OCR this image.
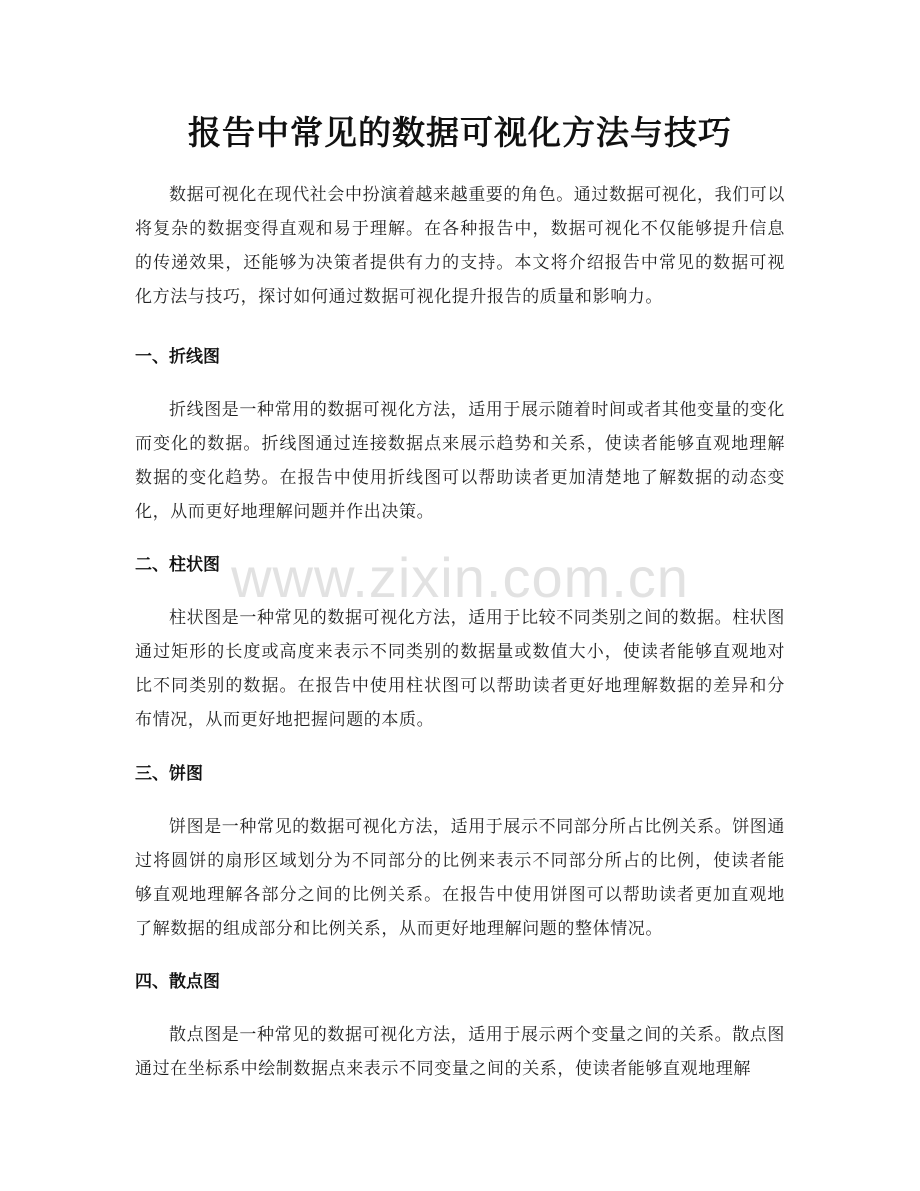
报告中常见的数据可视化方法与技巧

数据可视化在现代社会中扮演着越来越重要的角色。通过数据可视化，我们可以将复杂的数据变得直观和易于理解。在各种报告中，数据可视化不仅能够提升信息的传递效果，还能够为决策者提供有力的支持。本文将介绍报告中常见的数据可视化方法与技巧，探讨如何通过数据可视化提升报告的质量和影响力。

一、折线图

折线图是一种常用的数据可视化方法，适用于展示随着时间或者其他变量的变化而变化的数据。折线图通过连接数据点来展示趋势和关系，使读者能够直观地理解数据的变化趋势。在报告中使用折线图可以帮助读者更加清楚地了解数据的动态变化，从而更好地理解问题并作出决策。

二、柱状图

柱状图是一种常见的数据可视化方法，适用于比较不同类别之间的数据。柱状图通过矩形的长度或高度来表示不同类别的数据量或数值大小，使读者能够直观地对比不同类别的数据。在报告中使用柱状图可以帮助读者更好地理解数据的差异和分布情况，从而更好地把握问题的本质。

三、饼图

饼图是一种常见的数据可视化方法，适用于展示不同部分所占比例关系。饼图通过将圆饼的扇形区域划分为不同部分的比例来表示不同部分所占的比例，使读者能够直观地理解各部分之间的比例关系。在报告中使用饼图可以帮助读者更加直观地了解数据的组成部分和比例关系，从而更好地理解问题的整体情况。

四、散点图

散点图是一种常见的数据可视化方法，适用于展示两个变量之间的关系。散点图通过在坐标系中绘制数据点来表示不同变量之间的关系，使读者能够直观地理解

www.zixin.com.cn
